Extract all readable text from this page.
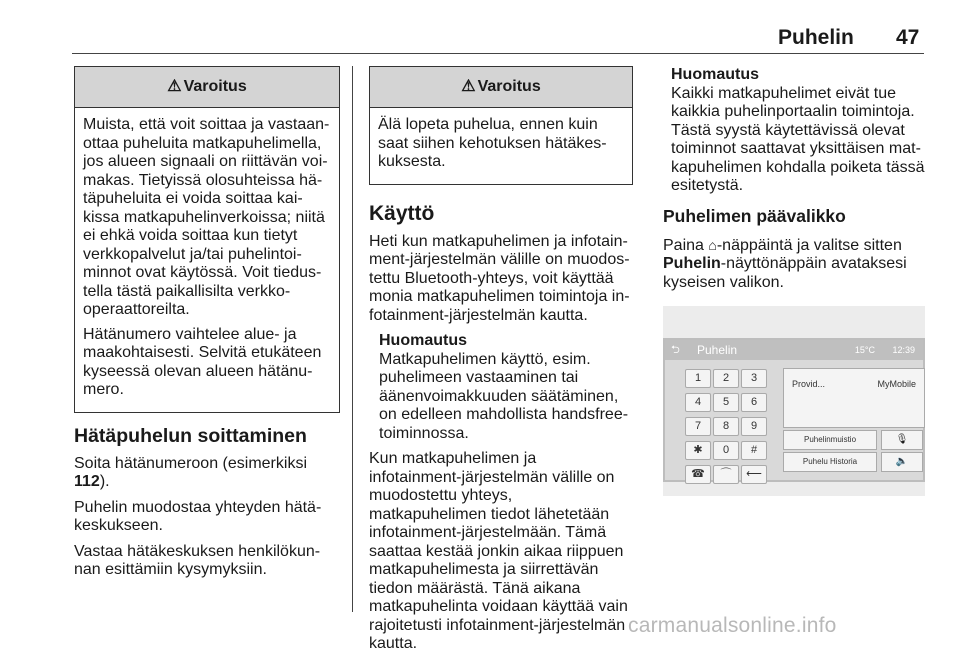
Puhelin 47
⚠ Varoitus

Muista, että voit soittaa ja vastaanottaa puheluita matkapuhelimella, jos alueen signaali on riittävän voimakas. Tietyissä olosuhteissa hätäpuheluita ei voida soittaa kaikissa matkapuhelinverkoissa; niitä ei ehkä voida soittaa kun tietyt verkkopalvelut ja/tai puhelintoiminnot ovat käytössä. Voit tiedustella tästä paikallisilta verkkooperaattoreilta.

Hätänumero vaihtelee alue- ja maakohtaisesti. Selvitä etukäteen kyseessä olevan alueen hätänumero.

Hätäpuhelun soittaminen

Soita hätänumeroon (esimerkiksi 112).

Puhelin muodostaa yhteyden hätäkeskukseen.

Vastaa hätäkeskuksen henkilökunnan esittämiin kysymyksiin.

⚠ Varoitus

Älä lopeta puhelua, ennen kuin saat siihen kehotuksen hätäkeskuksesta.

Käyttö

Heti kun matkapuhelimen ja infotainment-järjestelmän välille on muodostettu Bluetooth-yhteys, voit käyttää monia matkapuhelimen toimintoja infotainment-järjestelmän kautta.

Huomautus

Matkapuhelimen käyttö, esim. puhelimeen vastaaminen tai äänenvoimakkuuden säätäminen, on edelleen mahdollista handsfree-toiminnossa.

Kun matkapuhelimen ja infotainment-järjestelmän välille on muodostettu yhteys, matkapuhelimen tiedot lähetetään infotainment-järjestelmään. Tämä saattaa kestää jonkin aikaa riippuen matkapuhelimesta ja siirrettävän tiedon määrästä. Tänä aikana matkapuhelinta voidaan käyttää vain rajoitetusti infotainment-järjestelmän kautta.

Huomautus

Kaikki matkapuhelimet eivät tue kaikkia puhelinportaalin toimintoja. Tästä syystä käytettävissä olevat toiminnot saattavat yksittäisen matkapuhelimen kohdalla poiketa tässä esitetystä.

Puhelimen päävalikko

Paina ⌂-näppäintä ja valitse sitten Puhelin-näyttönäppäin avataksesi kyseisen valikon.

⮌ Puhelin	15°C 12:39
1 2 3 4 5 6 7 8 9 ✱ 0 # ☎ ⌒ ⟵
Provid...	MyMobile
Puhelinmuistio	🎙
Puhelu Historia	🔈
carmanualsonline.info
